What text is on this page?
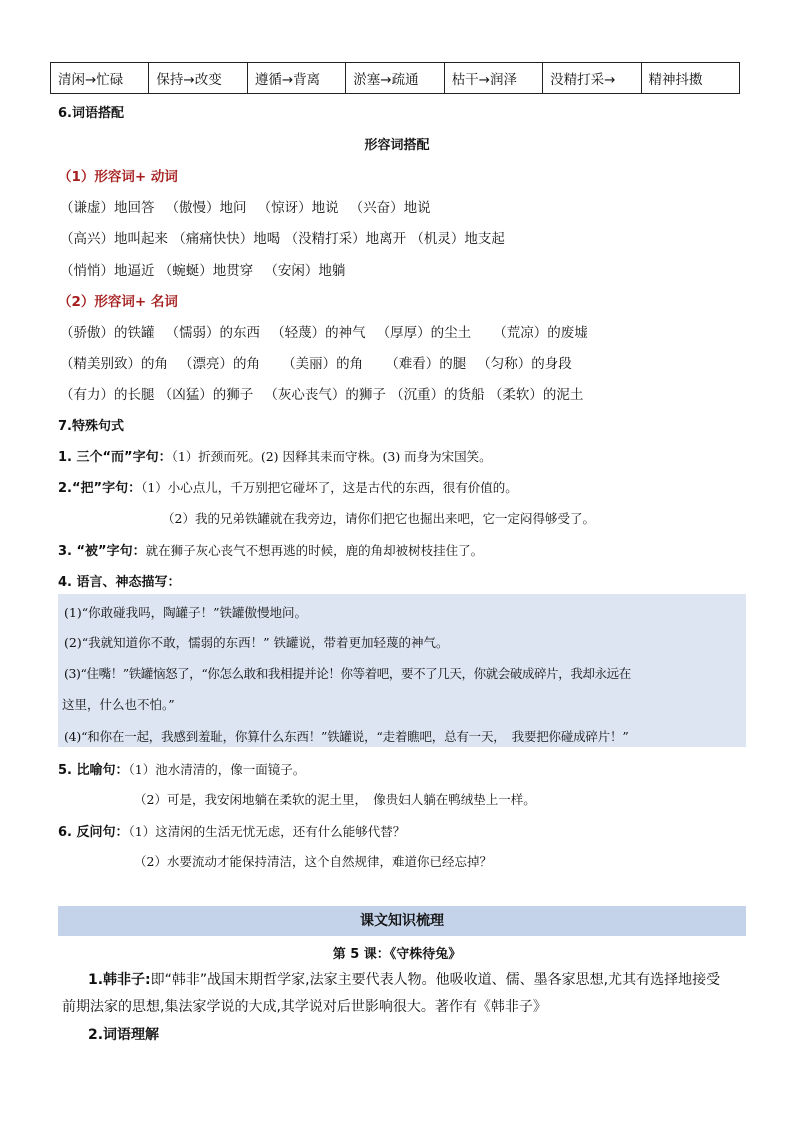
清闲→忙碌	保持→改变	遵循→背离	淤塞→疏通	枯干→润泽	没精打采→	精神抖擞
6.词语搭配
形容词搭配
（1）形容词+ 动词
（谦虚）地回答 　（傲慢）地问 　（惊讶）地说 　（兴奋）地说
（高兴）地叫起来 （痛痛快快）地喝 （没精打采）地离开 （机灵）地支起
（悄悄）地逼近 （蜿蜒）地贯穿 　（安闲）地躺
（2）形容词+ 名词
（骄傲）的铁罐 　（懦弱）的东西 　（轻蔑）的神气 　（厚厚）的尘土 　 （荒凉）的废墟
（精美别致）的角 　（漂亮）的角 　 （美丽）的角 　 （难看）的腿 　（匀称）的身段
（有力）的长腿 （凶猛）的狮子 　（灰心丧气）的狮子 （沉重）的货船 （柔软）的泥土
7.特殊句式
1. 三个“而”字句：（1）折颈而死。(2) 因释其耒而守株。(3) 而身为宋国笑。
2.“把”字句：（1）小心点儿，千万别把它碰坏了，这是古代的东西，很有价值的。
（2）我的兄弟铁罐就在我旁边，请你们把它也掘出来吧，它一定闷得够受了。
3. “被”字句：就在狮子灰心丧气不想再逃的时候，鹿的角却被树枝挂住了。
4. 语言、神态描写：
(1)“你敢碰我吗，陶罐子！”铁罐傲慢地问。
(2)“我就知道你不敢，懦弱的东西！” 铁罐说，带着更加轻蔑的神气。
(3)“住嘴！”铁罐恼怒了，“你怎么敢和我相提并论！你等着吧，要不了几天，你就会破成碎片，我却永远在
这里，什么也不怕。”
(4)“和你在一起，我感到羞耻，你算什么东西！”铁罐说，“走着瞧吧，总有一天，　我要把你碰成碎片！”
5. 比喻句：（1）池水清清的，像一面镜子。
（2）可是，我安闲地躺在柔软的泥土里，　像贵妇人躺在鸭绒垫上一样。
6. 反问句：（1）这清闲的生活无忧无虑，还有什么能够代替？
（2）水要流动才能保持清洁，这个自然规律，难道你已经忘掉？
课文知识梳理
第 5 课：《守株待兔》
1.韩非子:即“韩非”战国末期哲学家,法家主要代表人物。他吸收道、儒、墨各家思想,尤其有选择地接受
前期法家的思想,集法家学说的大成,其学说对后世影响很大。著作有《韩非子》
2.词语理解
